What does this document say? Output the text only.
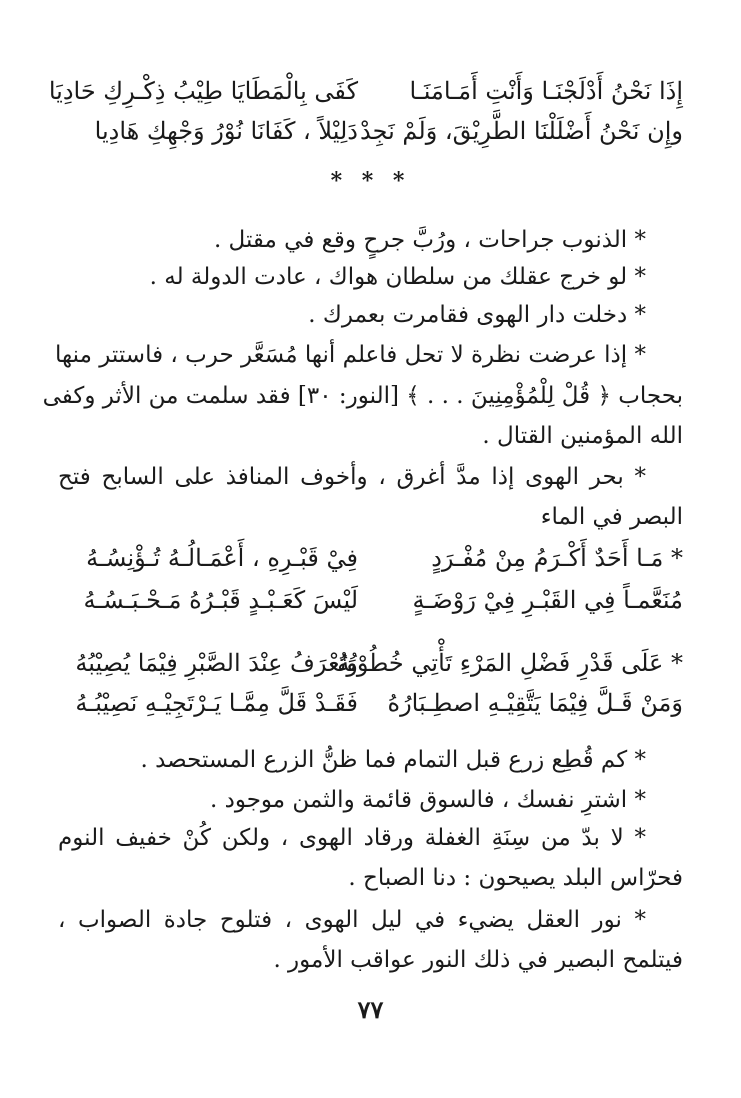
إِذَا نَحْنُ أَدْلَجْنَـا وَأَنْتِ أَمَـامَنَـا
كَفَى بِالْمَطَايَا طِيْبُ ذِكْـرِكِ حَادِيَا
وإِن نَحْنُ أَضْلَلْنَا الطَّرِيْقَ، وَلَمْ نَجِدْ
دَلِيْلاً ، كَفَانَا نُوْرُ وَجْهِكِ هَادِيا
* * *
* الذنوب جراحات ، ورُبَّ جرحٍ وقع في مقتل .
* لو خرج عقلك من سلطان هواك ، عادت الدولة له .
* دخلت دار الهوى فقامرت بعمرك .
* إذا عرضت نظرة لا تحل فاعلم أنها مُسَعَّر حرب ، فاستتر منها
بحجاب ﴿ قُلْ لِلْمُؤْمِنِينَ . . . ﴾ [النور: ٣٠] فقد سلمت من الأثر وكفى
الله المؤمنين القتال .
* بحر الهوى إذا مدَّ أغرق ، وأخوف المنافذ على السابح فتح
البصر في الماء
* مَـا أَحَدٌ أَكْـرَمُ مِنْ مُفْـرَدٍ
فِيْ قَبْـرِهِ ، أَعْمَـالُـهُ تُـؤْنِسُـهُ
مُنَعَّمـاً فِي القَبْـرِ فِيْ رَوْضَـةٍ
لَيْسَ كَعَـبْـدٍ قَبْـرُهُ مَـحْـبَـسُـهُ
* عَلَى قَدْرِ فَضْلِ المَرْءِ تَأْتِي خُطُوْبُهُ
وَتُعْرَفُ عِنْدَ الصَّبْرِ فِيْمَا يُصِيْبُهُ
وَمَنْ قَـلَّ فِيْمَا يَتَّقِيْـهِ اصطِـبَارُهُ
فَقَـدْ قَلَّ مِمَّـا يَـرْتَجِيْـهِ نَصِيْبُـهُ
* كم قُطِع زرع قبل التمام فما ظنُّ الزرع المستحصد .
* اشترِ نفسك ، فالسوق قائمة والثمن موجود .
* لا بدّ من سِنَةِ الغفلة ورقاد الهوى ، ولكن كُنْ خفيف النوم
فحرّاس البلد يصيحون : دنا الصباح .
* نور العقل يضيء في ليل الهوى ، فتلوح جادة الصواب ،
فيتلمح البصير في ذلك النور عواقب الأمور .
٧٧
